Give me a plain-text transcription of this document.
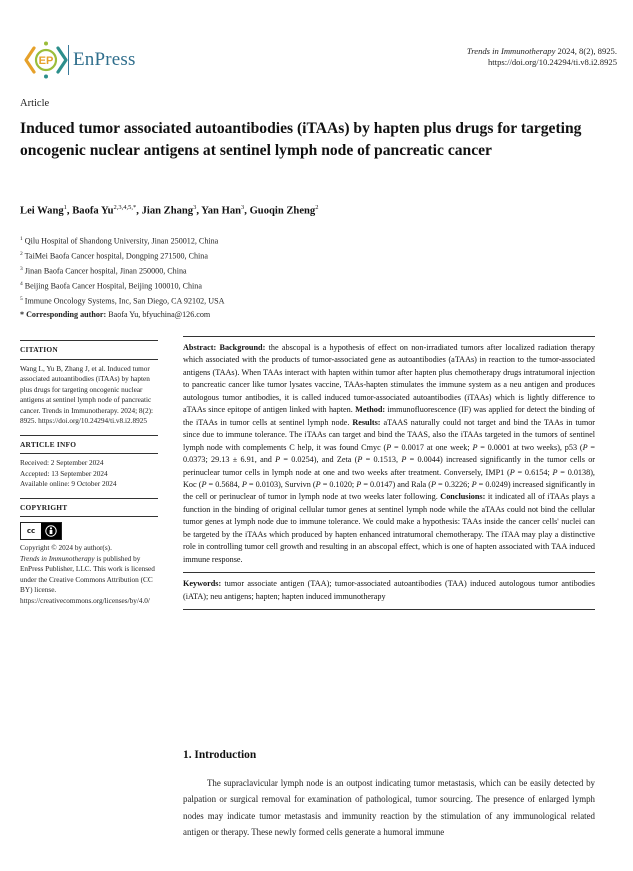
EP EnPress	Trends in Immunotherapy 2024, 8(2), 8925.
https://doi.org/10.24294/ti.v8.i2.8925
Article
Induced tumor associated autoantibodies (iTAAs) by hapten plus drugs for targeting oncogenic nuclear antigens at sentinel lymph node of pancreatic cancer
Lei Wang$^1$, Baofa $Yu^{2,3,4,5,*}$, Jian Zhang$^3$, Yan Han$^3$, Guoqin Zheng$^2$
$^1$ Qilu Hospital of Shandong University, Jinan 250012, China
$^2$ TaiMei Baofa Cancer hospital, Dongping 271500, China
$^3$ Jinan Baofa Cancer hospital, Jinan 250000, China
$^4$ Beijing Baofa Cancer Hospital, Beijing 100010, China
$^5$ Immune Oncology Systems, Inc, San Diego, CA 92102, USA
* Corresponding author: Baofa Yu, bfyuchina@126.com
CITATION

Wang L, Yu B, Zhang J, et al. Induced tumor associated autoantibodies (iTAAs) by hapten plus drugs for targeting oncogenic nuclear antigens at sentinel lymph node of pancreatic cancer. Trends in Immunotherapy. 2024; 8(2): 8925. https://doi.org/10.24294/ti.v8.i2.8925

ARTICLE INFO

Received: 2 September 2024

Accepted: 13 September 2024

Available online: 9 October 2024

COPYRIGHT
cc

Copyright © 2024 by author(s).

Trends in Immunotherapy is published by EnPress Publisher, LLC. This work is licensed under the Creative Commons Attribution (CC BY) license. https://creativecommons.org/licenses/by/4.0/

Abstract: Background: the abscopal is a hypothesis of effect on non-irradiated tumors after localized radiation therapy which associated with the products of tumor-associated gene as autoantibodies (aTAAs) in reaction to the tumor-associated antigens (TAAs). When TAAs interact with hapten within tumor after hapten plus chemotherapy drugs intratumoral injection to pancreatic cancer like tumor lysates vaccine, TAAs-hapten stimulates the immune system as a neu antigen and produces autologous tumor antibodies, it is called induced tumor-associated autoantibodies (iTAAs) which is lightly difference to aTAAs since epitope of antigen linked with hapten. Method: immunofluorescence (IF) was applied for detect the binding of the iTAAs in tumor cells at sentinel lymph node. Results: aTAAS naturally could not target and bind the TAAs in tumor since due to immune tolerance. The iTAAs can target and bind the TAAS, also the iTAAs targeted in the tumors of sentinel lymph node with complements C help, it was found Cmyc (P = 0.0017 at one week; P = 0.0001 at two weeks), p53 (P = 0.0373; 29.13 ± 6.91, and P = 0.0254), and Zeta (P = 0.1513, P = 0.0044) increased significantly in the tumor cells or perinuclear tumor cells in lymph node at one and two weeks after treatment. Conversely, IMP1 (P = 0.6154; P = 0.0138), Koc (P = 0.5684, P = 0.0103), Survivn (P = 0.1020; P = 0.0147) and Rala (P = 0.3226; P = 0.0249) increased significantly in the cell or perinuclear of tumor in lymph node at two weeks later following. Conclusions: it indicated all of iTAAs plays a function in the binding of original cellular tumor genes at sentinel lymph node while the aTAAs could not bind the cellular tumor genes at lymph node due to immune tolerance. We could make a hypothesis: TAAs inside the cancer cells' nuclei can be targeted by the iTAAs which produced by hapten enhanced intratumoral chemotherapy. The iTAA may play a distinctive role in controlling tumor cell growth and resulting in an abscopal effect, which is one of hapten associated with TAA induced immune response.

Keywords: tumor associate antigen (TAA); tumor-associated autoantibodies (TAA) induced autologous tumor antibodies (iATA); neu antigens; hapten; hapten induced immunotherapy

1. Introduction

The supraclavicular lymph node is an outpost indicating tumor metastasis, which can be easily detected by palpation or surgical removal for examination of pathological, tumor sourcing. The presence of enlarged lymph nodes may indicate tumor metastasis and immunity reaction by the stimulation of any immunological related antigen or therapy. These newly formed cells generate a humoral immune
